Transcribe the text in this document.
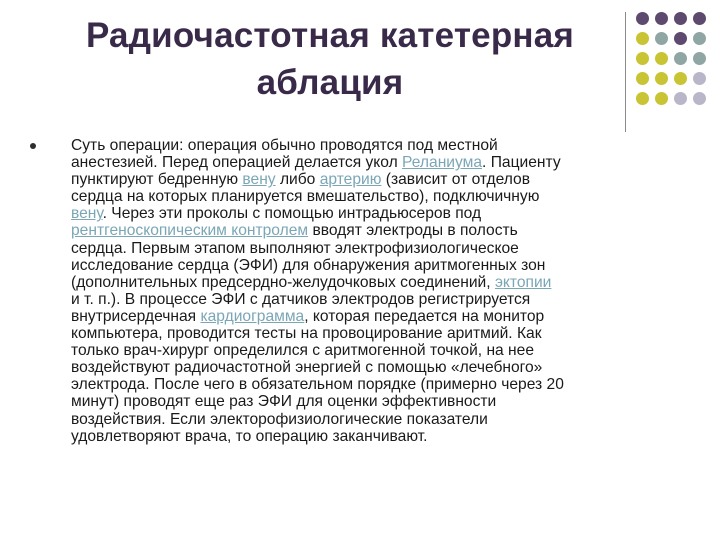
Радиочастотная катетерная
аблация
Суть операции: операция обычно проводятся под местной
анестезией. Перед операцией делается укол Реланиума. Пациенту
пунктируют бедренную вену либо артерию (зависит от отделов
сердца на которых планируется вмешательство), подключичную
вену. Через эти проколы с помощью интрадьюсеров под
рентгеноскопическим контролем вводят электроды в полость
сердца. Первым этапом выполняют электрофизиологическое
исследование сердца (ЭФИ) для обнаружения аритмогенных зон
(дополнительных предсердно-желудочковых соединений, эктопии
и т. п.). В процессе ЭФИ с датчиков электродов регистрируется
внутрисердечная кардиограмма, которая передается на монитор
компьютера, проводится тесты на провоцирование аритмий. Как
только врач-хирург определился с аритмогенной точкой, на нее
воздействуют радиочастотной энергией с помощью «лечебного»
электрода. После чего в обязательном порядке (примерно через 20
минут) проводят еще раз ЭФИ для оценки эффективности
воздействия. Если электорофизиологические показатели
удовлетворяют врача, то операцию заканчивают.
